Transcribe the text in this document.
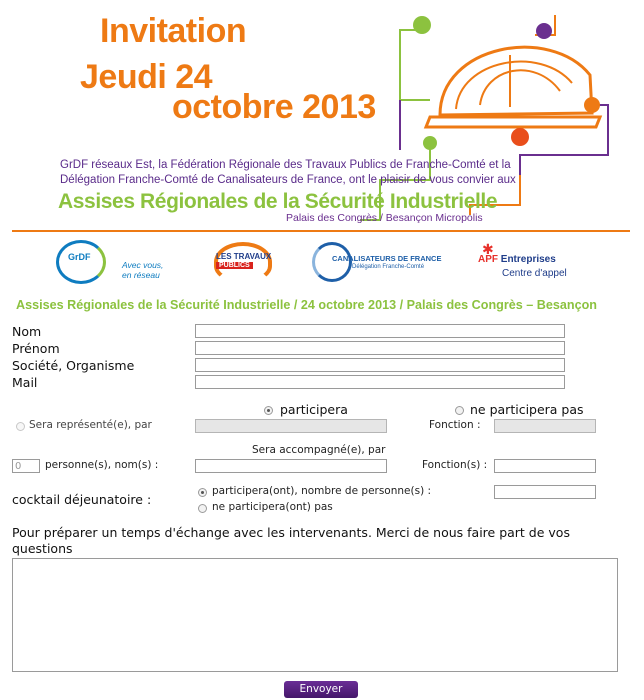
Invitation
Jeudi 24
octobre 2013
GrDF réseaux Est, la Fédération Régionale des Travaux Publics de Franche-Comté et la Délégation Franche-Comté de Canalisateurs de France, ont le plaisir de vous convier aux
Assises Régionales de la Sécurité Industrielle
Palais des Congrès / Besançon Micropolis
GrDF
Avec vous, en réseau
LES TRAVAUX
PUBLICS
CANALISATEURS DE FRANCE
Délégation Franche-Comté
✱
APF Entreprises
Centre d'appel
Assises Régionales de la Sécurité Industrielle / 24 octobre 2013 / Palais des Congrès – Besançon
Nom
Prénom
Société, Organisme
Mail
participera	ne participera pas
Sera représenté(e), par	Fonction :
Sera accompagné(e), par
0
personne(s), nom(s) :	Fonction(s) :
cocktail déjeunatoire :
participera(ont), nombre de personne(s) :
ne participera(ont) pas
Pour préparer un temps d'échange avec les intervenants. Merci de nous faire part de vos questions
Envoyer
